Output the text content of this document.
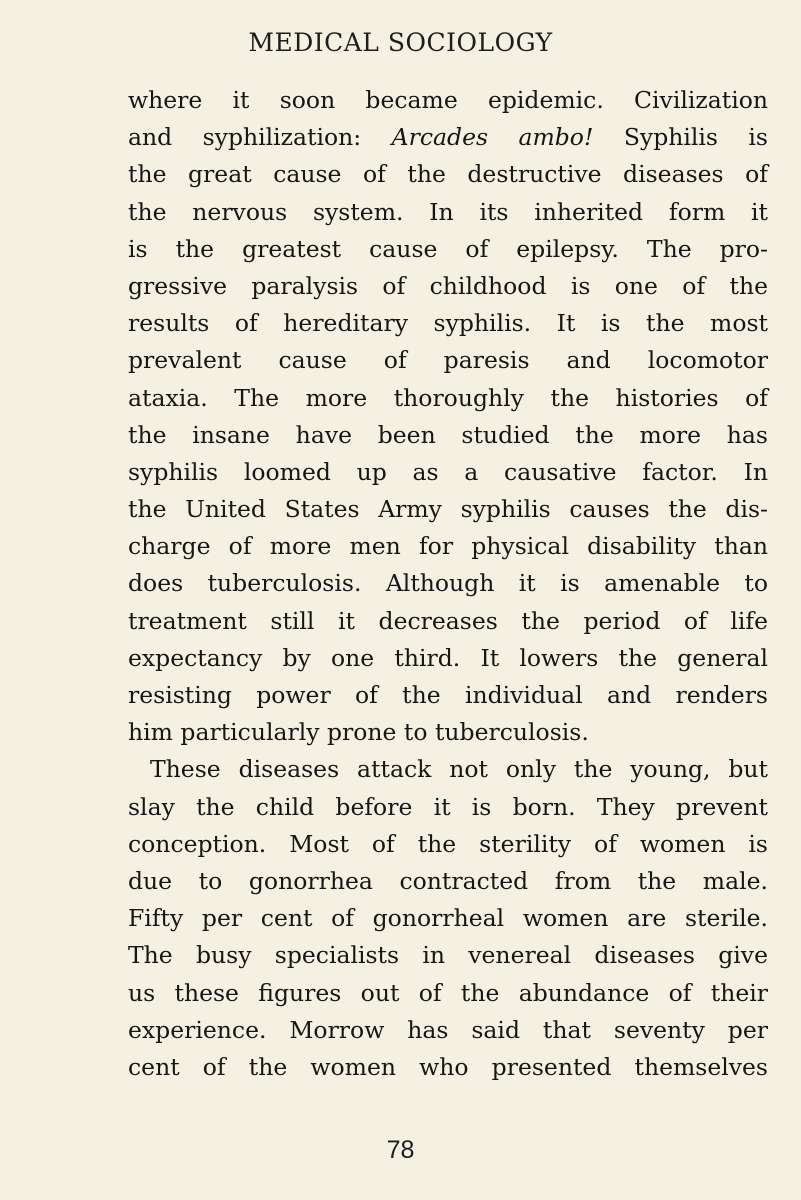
MEDICAL SOCIOLOGY
where it soon became epidemic. Civilization
and syphilization: Arcades ambo! Syphilis is
the great cause of the destructive diseases of
the nervous system. In its inherited form it
is the greatest cause of epilepsy. The pro-
gressive paralysis of childhood is one of the
results of hereditary syphilis. It is the most
prevalent cause of paresis and locomotor
ataxia. The more thoroughly the histories of
the insane have been studied the more has
syphilis loomed up as a causative factor. In
the United States Army syphilis causes the dis-
charge of more men for physical disability than
does tuberculosis. Although it is amenable to
treatment still it decreases the period of life
expectancy by one third. It lowers the general
resisting power of the individual and renders
him particularly prone to tuberculosis.
These diseases attack not only the young, but
slay the child before it is born. They prevent
conception. Most of the sterility of women is
due to gonorrhea contracted from the male.
Fifty per cent of gonorrheal women are sterile.
The busy specialists in venereal diseases give
us these figures out of the abundance of their
experience. Morrow has said that seventy per
cent of the women who presented themselves
78
